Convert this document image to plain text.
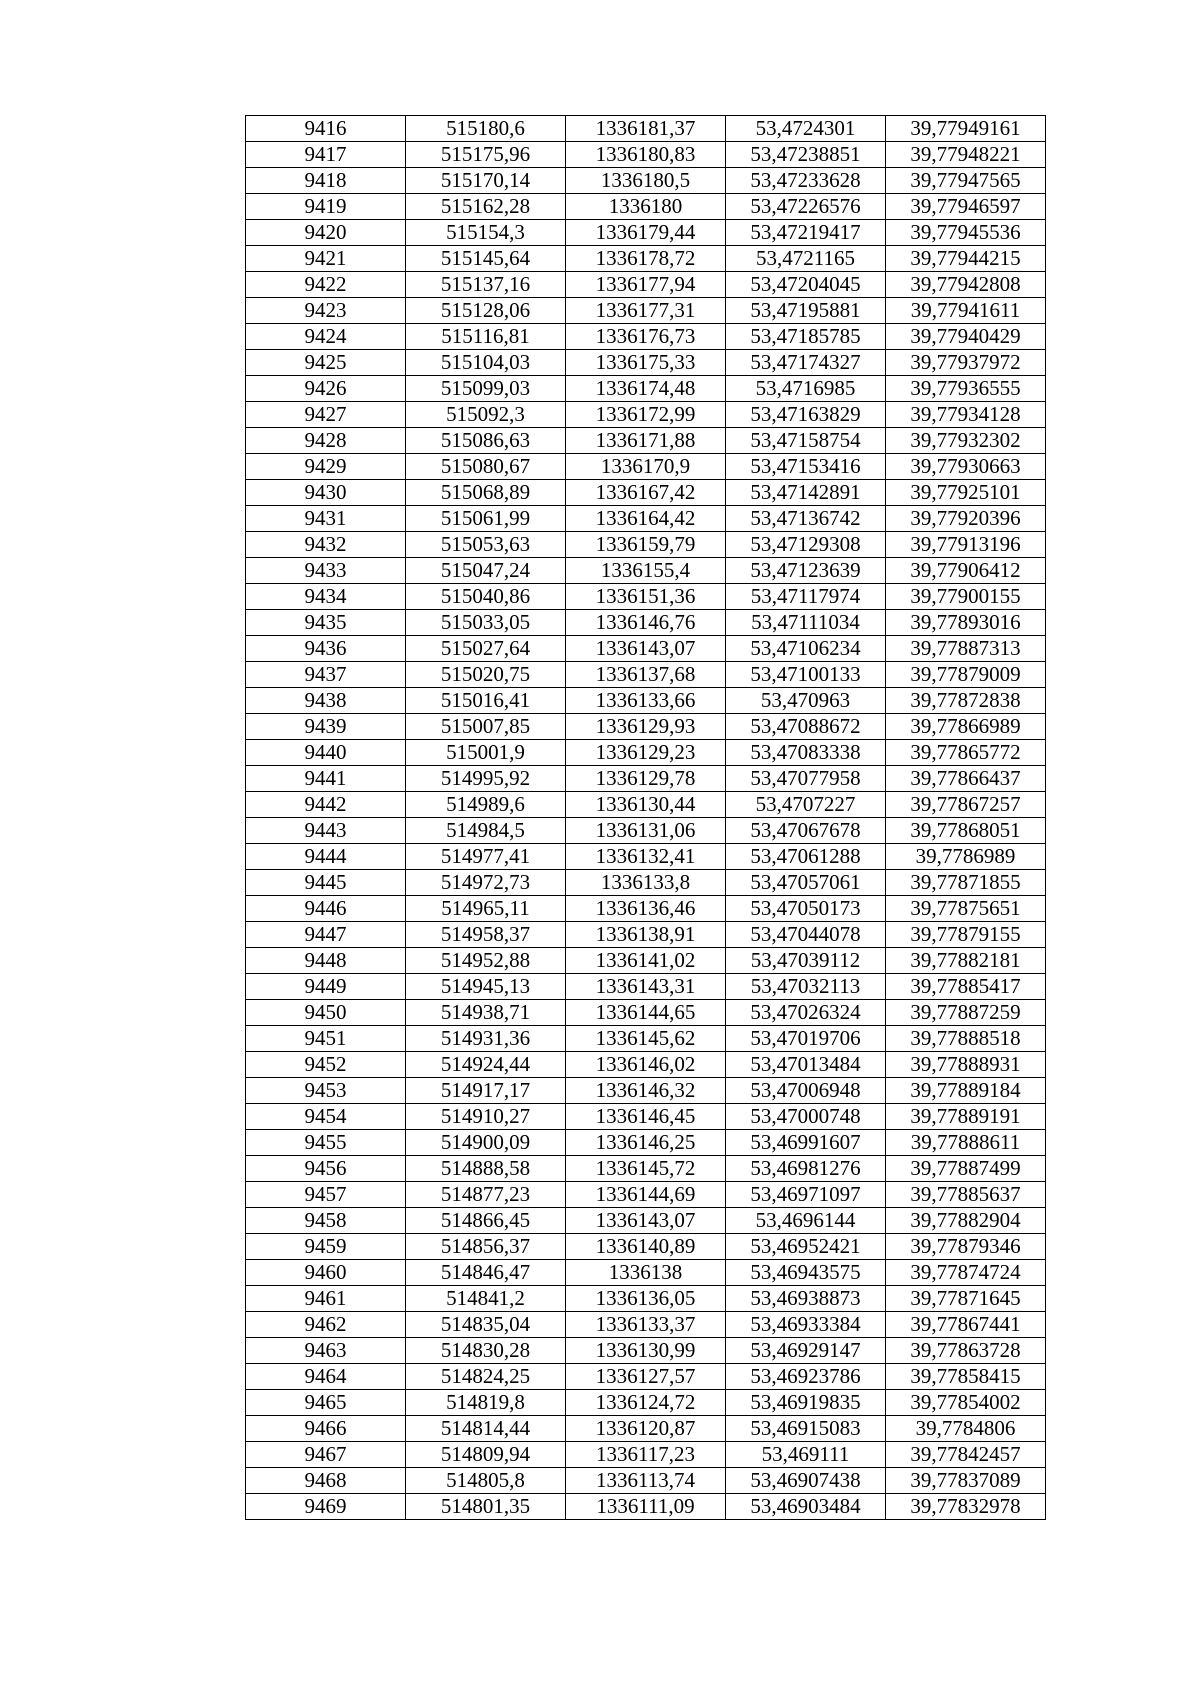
9416	515180,6	1336181,37	53,4724301	39,77949161
9417	515175,96	1336180,83	53,47238851	39,77948221
9418	515170,14	1336180,5	53,47233628	39,77947565
9419	515162,28	1336180	53,47226576	39,77946597
9420	515154,3	1336179,44	53,47219417	39,77945536
9421	515145,64	1336178,72	53,4721165	39,77944215
9422	515137,16	1336177,94	53,47204045	39,77942808
9423	515128,06	1336177,31	53,47195881	39,77941611
9424	515116,81	1336176,73	53,47185785	39,77940429
9425	515104,03	1336175,33	53,47174327	39,77937972
9426	515099,03	1336174,48	53,4716985	39,77936555
9427	515092,3	1336172,99	53,47163829	39,77934128
9428	515086,63	1336171,88	53,47158754	39,77932302
9429	515080,67	1336170,9	53,47153416	39,77930663
9430	515068,89	1336167,42	53,47142891	39,77925101
9431	515061,99	1336164,42	53,47136742	39,77920396
9432	515053,63	1336159,79	53,47129308	39,77913196
9433	515047,24	1336155,4	53,47123639	39,77906412
9434	515040,86	1336151,36	53,47117974	39,77900155
9435	515033,05	1336146,76	53,47111034	39,77893016
9436	515027,64	1336143,07	53,47106234	39,77887313
9437	515020,75	1336137,68	53,47100133	39,77879009
9438	515016,41	1336133,66	53,470963	39,77872838
9439	515007,85	1336129,93	53,47088672	39,77866989
9440	515001,9	1336129,23	53,47083338	39,77865772
9441	514995,92	1336129,78	53,47077958	39,77866437
9442	514989,6	1336130,44	53,4707227	39,77867257
9443	514984,5	1336131,06	53,47067678	39,77868051
9444	514977,41	1336132,41	53,47061288	39,7786989
9445	514972,73	1336133,8	53,47057061	39,77871855
9446	514965,11	1336136,46	53,47050173	39,77875651
9447	514958,37	1336138,91	53,47044078	39,77879155
9448	514952,88	1336141,02	53,47039112	39,77882181
9449	514945,13	1336143,31	53,47032113	39,77885417
9450	514938,71	1336144,65	53,47026324	39,77887259
9451	514931,36	1336145,62	53,47019706	39,77888518
9452	514924,44	1336146,02	53,47013484	39,77888931
9453	514917,17	1336146,32	53,47006948	39,77889184
9454	514910,27	1336146,45	53,47000748	39,77889191
9455	514900,09	1336146,25	53,46991607	39,77888611
9456	514888,58	1336145,72	53,46981276	39,77887499
9457	514877,23	1336144,69	53,46971097	39,77885637
9458	514866,45	1336143,07	53,4696144	39,77882904
9459	514856,37	1336140,89	53,46952421	39,77879346
9460	514846,47	1336138	53,46943575	39,77874724
9461	514841,2	1336136,05	53,46938873	39,77871645
9462	514835,04	1336133,37	53,46933384	39,77867441
9463	514830,28	1336130,99	53,46929147	39,77863728
9464	514824,25	1336127,57	53,46923786	39,77858415
9465	514819,8	1336124,72	53,46919835	39,77854002
9466	514814,44	1336120,87	53,46915083	39,7784806
9467	514809,94	1336117,23	53,469111	39,77842457
9468	514805,8	1336113,74	53,46907438	39,77837089
9469	514801,35	1336111,09	53,46903484	39,77832978
